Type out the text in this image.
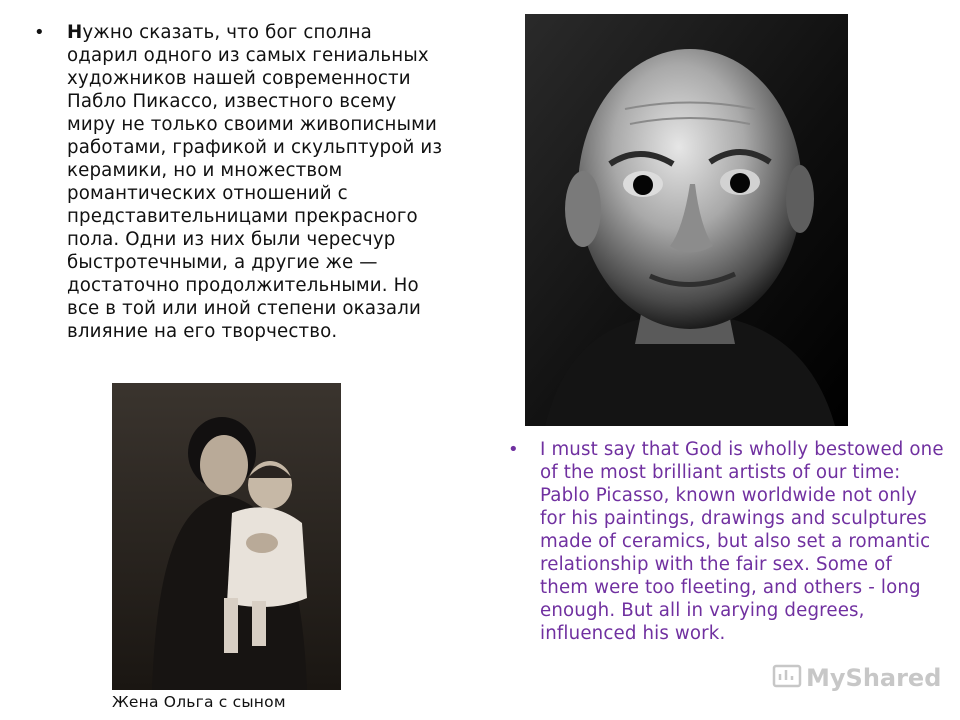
• Нужно сказать, что бог сполна одарил одного из самых гениальных художников нашей современности Пабло Пикассо, известного всему миру не только своими живописными работами, графикой и скульптурой из керамики, но и множеством романтических отношений с представительницами прекрасного пола. Одни из них были чересчур быстротечными, а другие же — достаточно продолжительными. Но все в той или иной степени оказали влияние на его творчество.

• I must say that God is wholly bestowed one of the most brilliant artists of our time: Pablo Picasso, known worldwide not only for his paintings, drawings and sculptures made of ceramics, but also set a romantic relationship with the fair sex. Some of them were too fleeting, and others - long enough. But all in varying degrees, influenced his work.

Жена Ольга с сыном
MyShared
